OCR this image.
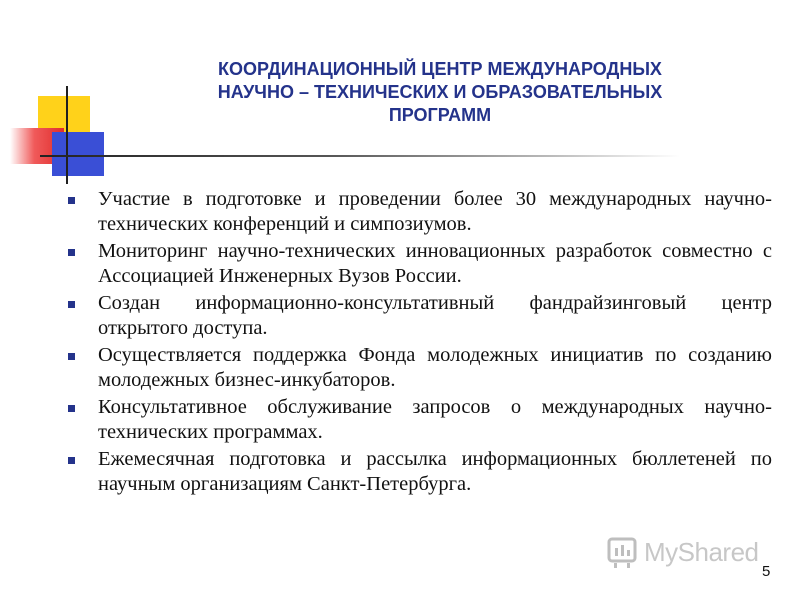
КООРДИНАЦИОННЫЙ ЦЕНТР МЕЖДУНАРОДНЫХ
НАУЧНО – ТЕХНИЧЕСКИХ И ОБРАЗОВАТЕЛЬНЫХ
ПРОГРАММ
Участие в подготовке и проведении более 30 международных научно-технических конференций и симпозиумов.
Мониторинг научно-технических инновационных разработок совместно с Ассоциацией Инженерных Вузов России.
Создан информационно-консультативный фандрайзинговый центр открытого доступа.
Осуществляется поддержка Фонда молодежных инициатив по созданию молодежных бизнес-инкубаторов.
Консультативное обслуживание запросов о международных научно-технических программах.
Ежемесячная подготовка и рассылка информационных бюллетеней по научным организациям Санкт-Петербурга.
MyShared
5
